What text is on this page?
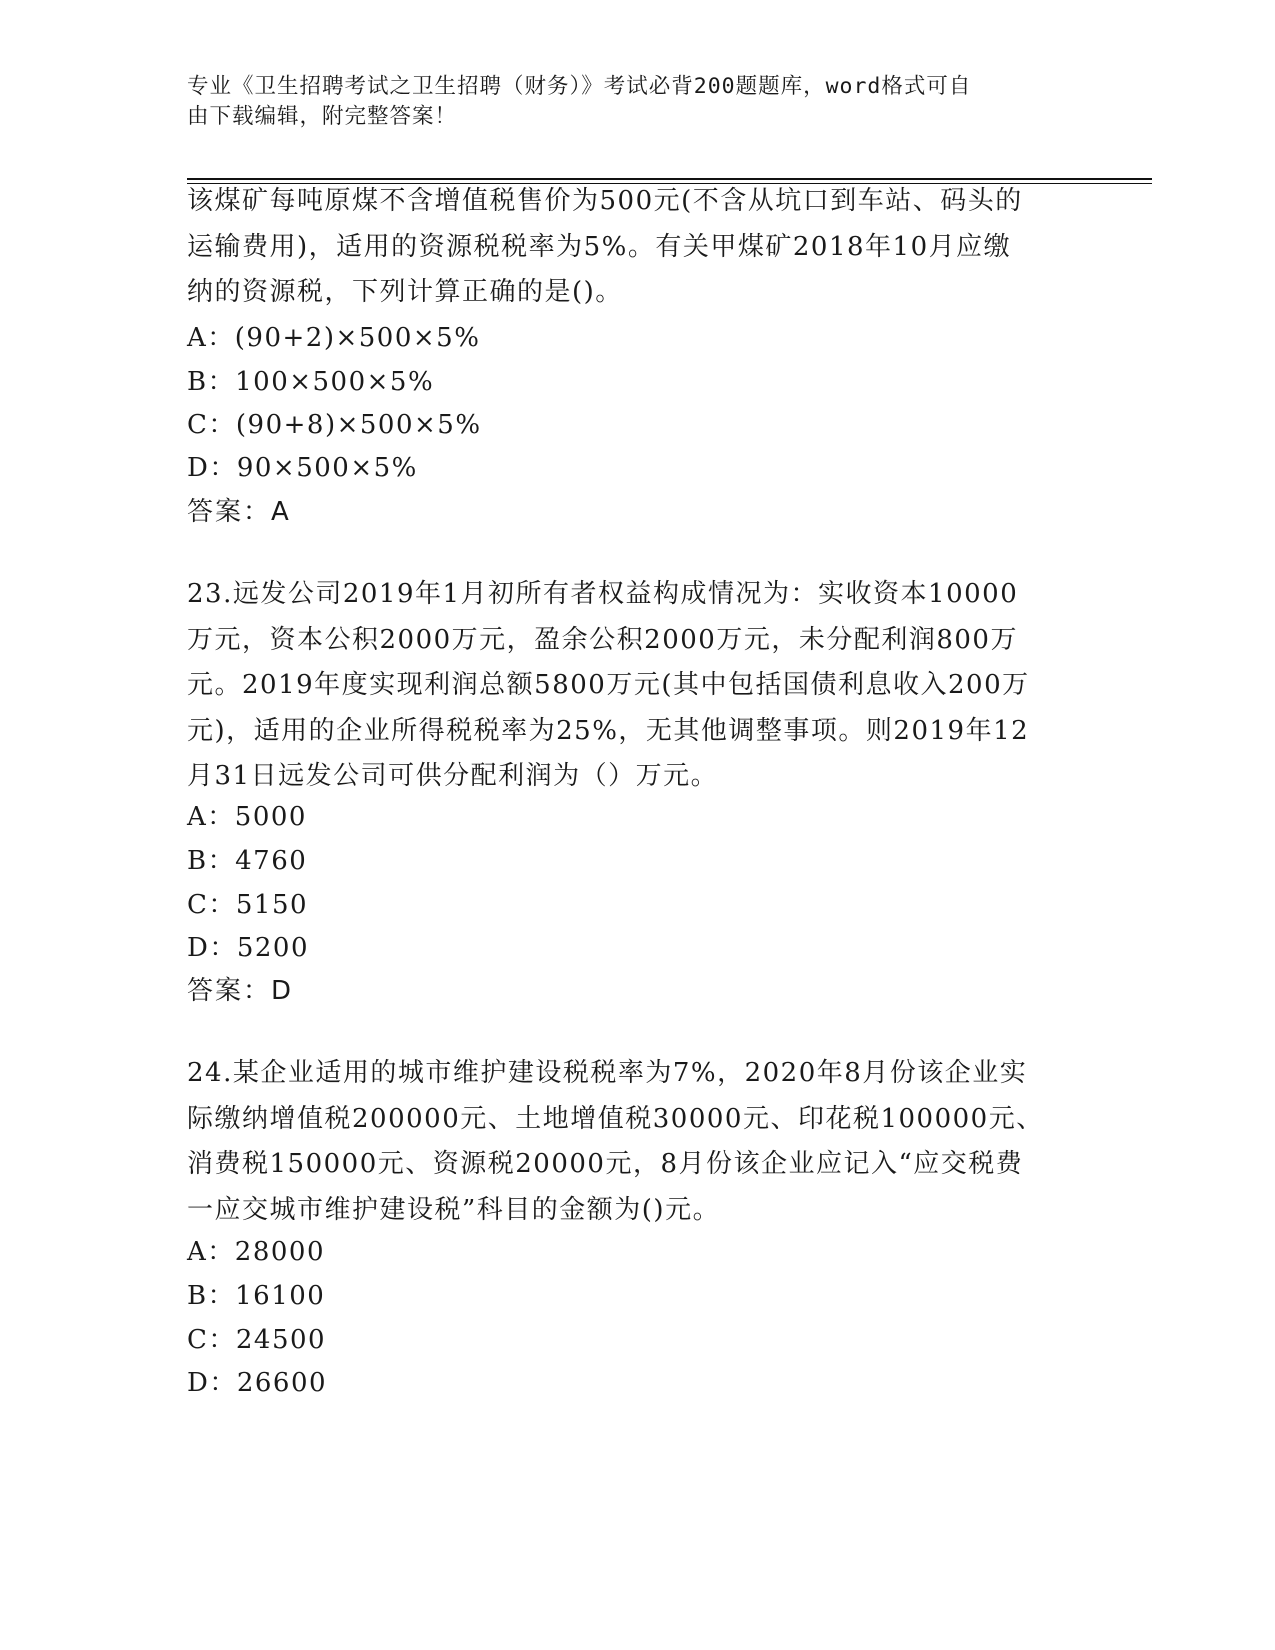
专业《卫生招聘考试之卫生招聘（财务）》考试必背200题题库，word格式可自
由下载编辑，附完整答案！

该煤矿每吨原煤不含增值税售价为500元(不含从坑口到车站、码头的

运输费用)，适用的资源税税率为5%。有关甲煤矿2018年10月应缴

纳的资源税，下列计算正确的是()。

A：(90+2)×500×5%
B：100×500×5%
C：(90+8)×500×5%
D：90×500×5%
答案：A

23.远发公司2019年1月初所有者权益构成情况为：实收资本10000

万元，资本公积2000万元，盈余公积2000万元，未分配利润800万

元。2019年度实现利润总额5800万元(其中包括国债利息收入200万

元)，适用的企业所得税税率为25%，无其他调整事项。则2019年12

月31日远发公司可供分配利润为（）万元。

A：5000
B：4760
C：5150
D：5200
答案：D

24.某企业适用的城市维护建设税税率为7%，2020年8月份该企业实

际缴纳增值税200000元、土地增值税30000元、印花税100000元、

消费税150000元、资源税20000元，8月份该企业应记入“应交税费

一应交城市维护建设税”科目的金额为()元。

A：28000
B：16100
C：24500
D：26600
